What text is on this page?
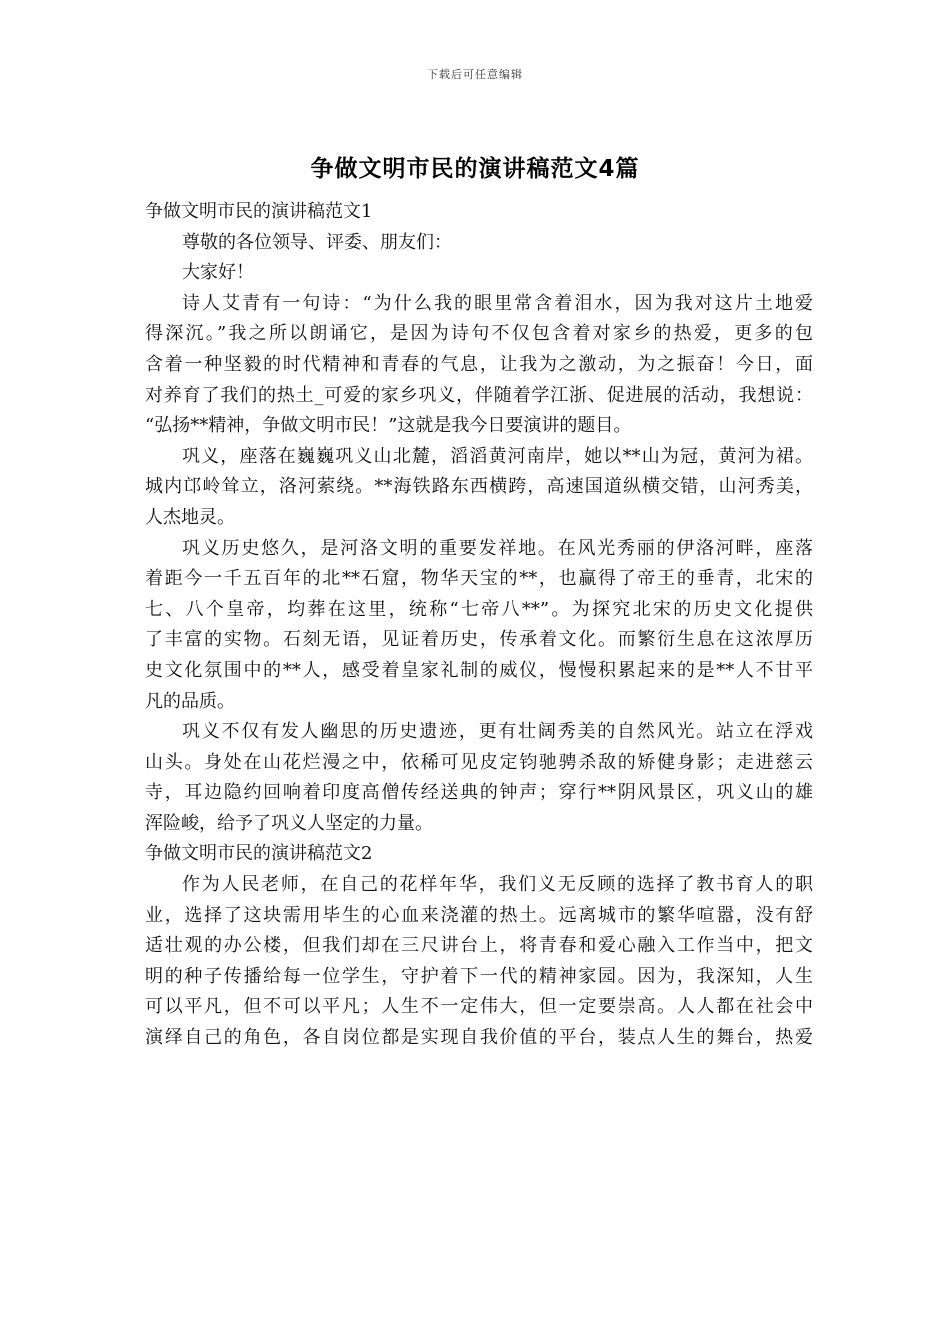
下载后可任意编辑
争做文明市民的演讲稿范文4篇
争做文明市民的演讲稿范文1
尊敬的各位领导、评委、朋友们：
大家好！
诗人艾青有一句诗：“为什么我的眼里常含着泪水，因为我对这片土地爱
得深沉。”我之所以朗诵它，是因为诗句不仅包含着对家乡的热爱，更多的包
含着一种坚毅的时代精神和青春的气息，让我为之激动，为之振奋！今日，面
对养育了我们的热土_可爱的家乡巩义，伴随着学江浙、促进展的活动，我想说：
“弘扬**精神，争做文明市民！”这就是我今日要演讲的题目。
巩义，座落在巍巍巩义山北麓，滔滔黄河南岸，她以**山为冠，黄河为裙。
城内邙岭耸立，洛河萦绕。**海铁路东西横跨，高速国道纵横交错，山河秀美，
人杰地灵。
巩义历史悠久，是河洛文明的重要发祥地。在风光秀丽的伊洛河畔，座落
着距今一千五百年的北**石窟，物华天宝的**，也赢得了帝王的垂青，北宋的
七、八个皇帝，均葬在这里，统称“七帝八**”。为探究北宋的历史文化提供
了丰富的实物。石刻无语，见证着历史，传承着文化。而繁衍生息在这浓厚历
史文化氛围中的**人，感受着皇家礼制的威仪，慢慢积累起来的是**人不甘平
凡的品质。
巩义不仅有发人幽思的历史遗迹，更有壮阔秀美的自然风光。站立在浮戏
山头。身处在山花烂漫之中，依稀可见皮定钧驰骋杀敌的矫健身影；走进慈云
寺，耳边隐约回响着印度高僧传经送典的钟声；穿行**阴风景区，巩义山的雄
浑险峻，给予了巩义人坚定的力量。
争做文明市民的演讲稿范文2
作为人民老师，在自己的花样年华，我们义无反顾的选择了教书育人的职
业，选择了这块需用毕生的心血来浇灌的热土。远离城市的繁华喧嚣，没有舒
适壮观的办公楼，但我们却在三尺讲台上，将青春和爱心融入工作当中，把文
明的种子传播给每一位学生，守护着下一代的精神家园。因为，我深知，人生
可以平凡，但不可以平凡；人生不一定伟大，但一定要崇高。人人都在社会中
演绎自己的角色，各自岗位都是实现自我价值的平台，装点人生的舞台，热爱
